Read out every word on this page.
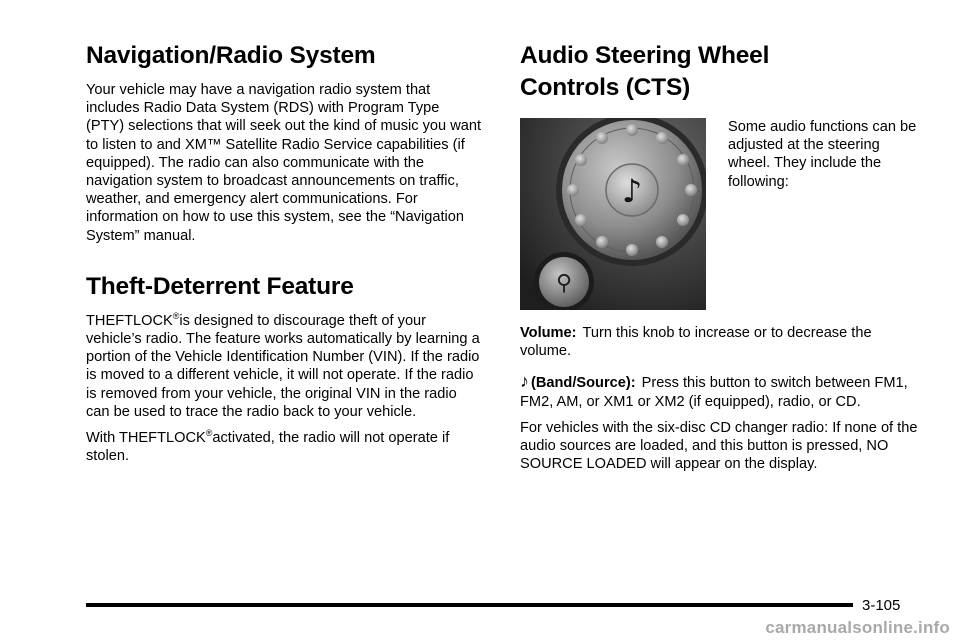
Navigation/Radio System

Your vehicle may have a navigation radio system that includes Radio Data System (RDS) with Program Type (PTY) selections that will seek out the kind of music you want to listen to and XM™ Satellite Radio Service capabilities (if equipped). The radio can also communicate with the navigation system to broadcast announcements on traffic, weather, and emergency alert communications. For information on how to use this system, see the “Navigation System” manual.

Theft-Deterrent Feature

THEFTLOCK®is designed to discourage theft of your vehicle’s radio. The feature works automatically by learning a portion of the Vehicle Identification Number (VIN). If the radio is moved to a different vehicle, it will not operate. If the radio is removed from your vehicle, the original VIN in the radio can be used to trace the radio back to your vehicle.

With THEFTLOCK®activated, the radio will not operate if stolen.

Audio Steering Wheel
Controls (CTS)
♪
⚲
Some audio functions can be adjusted at the steering wheel. They include the following:

Volume: Turn this knob to increase or to decrease the volume.

♪ (Band/Source): Press this button to switch between FM1, FM2, AM, or XM1 or XM2 (if equipped), radio, or CD.

For vehicles with the six-disc CD changer radio: If none of the audio sources are loaded, and this button is pressed, NO SOURCE LOADED will appear on the display.

3-105
carmanualsonline.info
